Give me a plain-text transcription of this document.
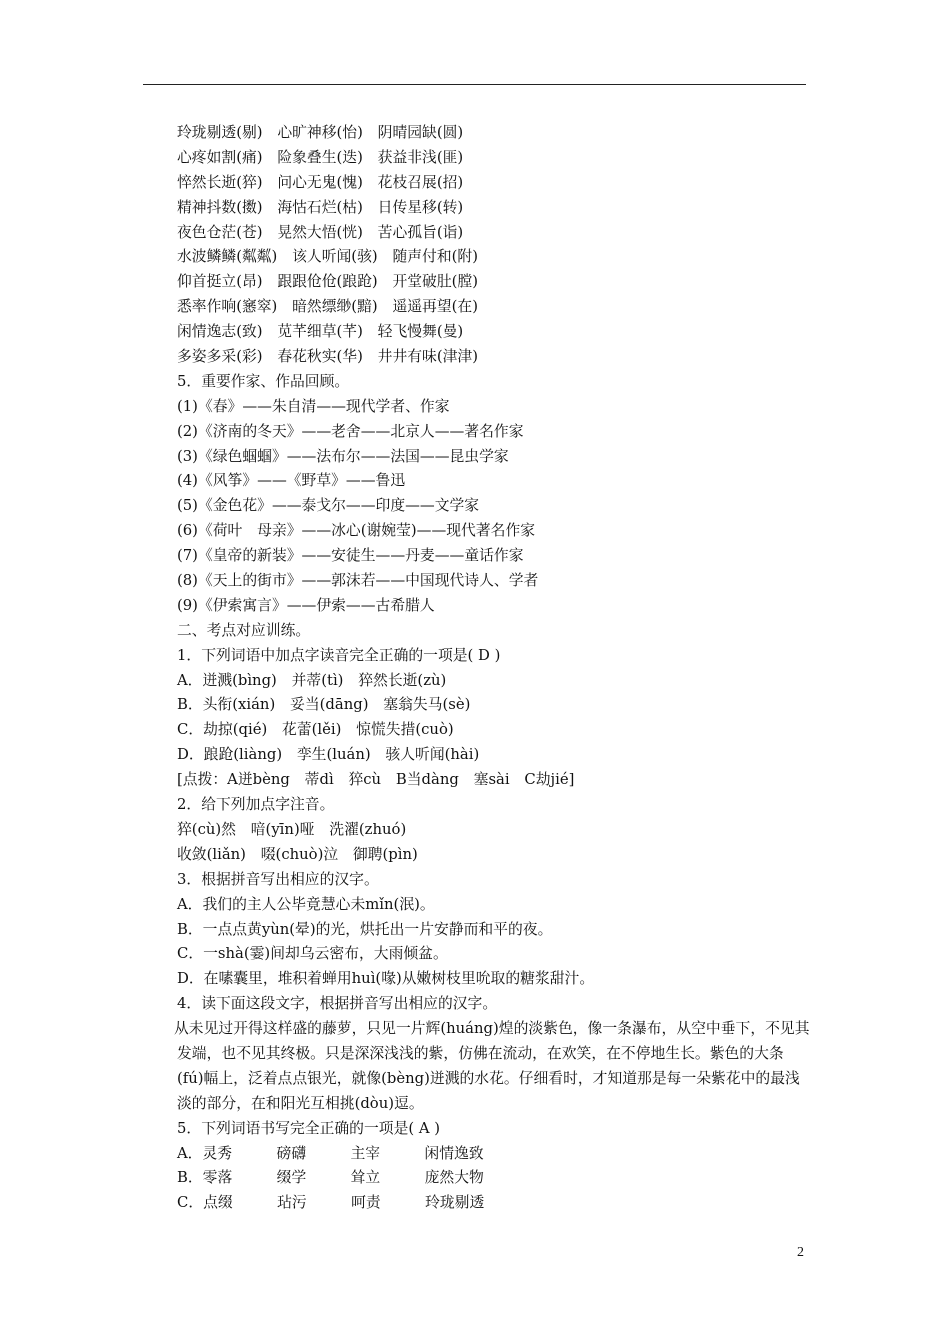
玲珑剔透(剔)　心旷神移(怡)　阴晴园缺(圆)
心疼如割(痛)　险象叠生(迭)　获益非浅(匪)
悴然长逝(猝)　问心无鬼(愧)　花枝召展(招)
精神抖数(擞)　海怙石烂(枯)　日传星移(转)
夜色仓茫(苍)　晃然大悟(恍)　苦心孤旨(诣)
水波鳞鳞(粼粼)　该人听闻(骇)　随声付和(附)
仰首挺立(昂)　跟跟伧伧(踉跄)　开堂破肚(膛)
悉率作响(窸窣)　暗然缥缈(黯)　遥遥再望(在)
闲情逸志(致)　苋芊细草(芊)　轻飞慢舞(曼)
多姿多采(彩)　春花秋实(华)　井井有味(津津)
5．重要作家、作品回顾。
(1)《春》——朱自清——现代学者、作家
(2)《济南的冬天》——老舍——北京人——著名作家
(3)《绿色蝈蝈》——法布尔——法国——昆虫学家
(4)《风筝》——《野草》——鲁迅
(5)《金色花》——泰戈尔——印度——文学家
(6)《荷叶　母亲》——冰心(谢婉莹)——现代著名作家
(7)《皇帝的新装》——安徒生——丹麦——童话作家
(8)《天上的街市》——郭沫若——中国现代诗人、学者
(9)《伊索寓言》——伊索——古希腊人
二、考点对应训练。
1．下列词语中加点字读音完全正确的一项是( D )
A．迸溅(bìng)　并蒂(tì)　猝然长逝(zù)
B．头衔(xián)　妥当(dāng)　塞翁失马(sè)
C．劫掠(qié)　花蕾(lěi)　惊慌失措(cuò)
D．踉跄(liàng)　孪生(luán)　骇人听闻(hài)
[点拨：A迸bèng　蒂dì　猝cù　B当dàng　塞sài　C劫jié]
2．给下列加点字注音。
猝(cù)然　喑(yīn)哑　洗濯(zhuó)
收敛(liǎn)　啜(chuò)泣　御聘(pìn)
3．根据拼音写出相应的汉字。
A．我们的主人公毕竟慧心未mǐn(泯)。
B．一点点黄yùn(晕)的光，烘托出一片安静而和平的夜。
C．一shà(霎)间却乌云密布，大雨倾盆。
D．在嗉囊里，堆积着蝉用huì(喙)从嫩树枝里吮取的糖浆甜汁。
4．读下面这段文字，根据拼音写出相应的汉字。
从未见过开得这样盛的藤萝，只见一片辉(huáng)煌的淡紫色，像一条瀑布，从空中垂下，不见其发端，也不见其终极。只是深深浅浅的紫，仿佛在流动，在欢笑，在不停地生长。紫色的大条(fú)幅上，泛着点点银光，就像(bèng)迸溅的水花。仔细看时，才知道那是每一朵紫花中的最浅淡的部分，在和阳光互相挑(dòu)逗。
5．下列词语书写完全正确的一项是( A )
A．灵秀　　　磅礴　　　主宰　　　闲情逸致
B．零落　　　缀学　　　耸立　　　庞然大物
C．点缀　　　玷污　　　呵责　　　玲珑剔透
2
